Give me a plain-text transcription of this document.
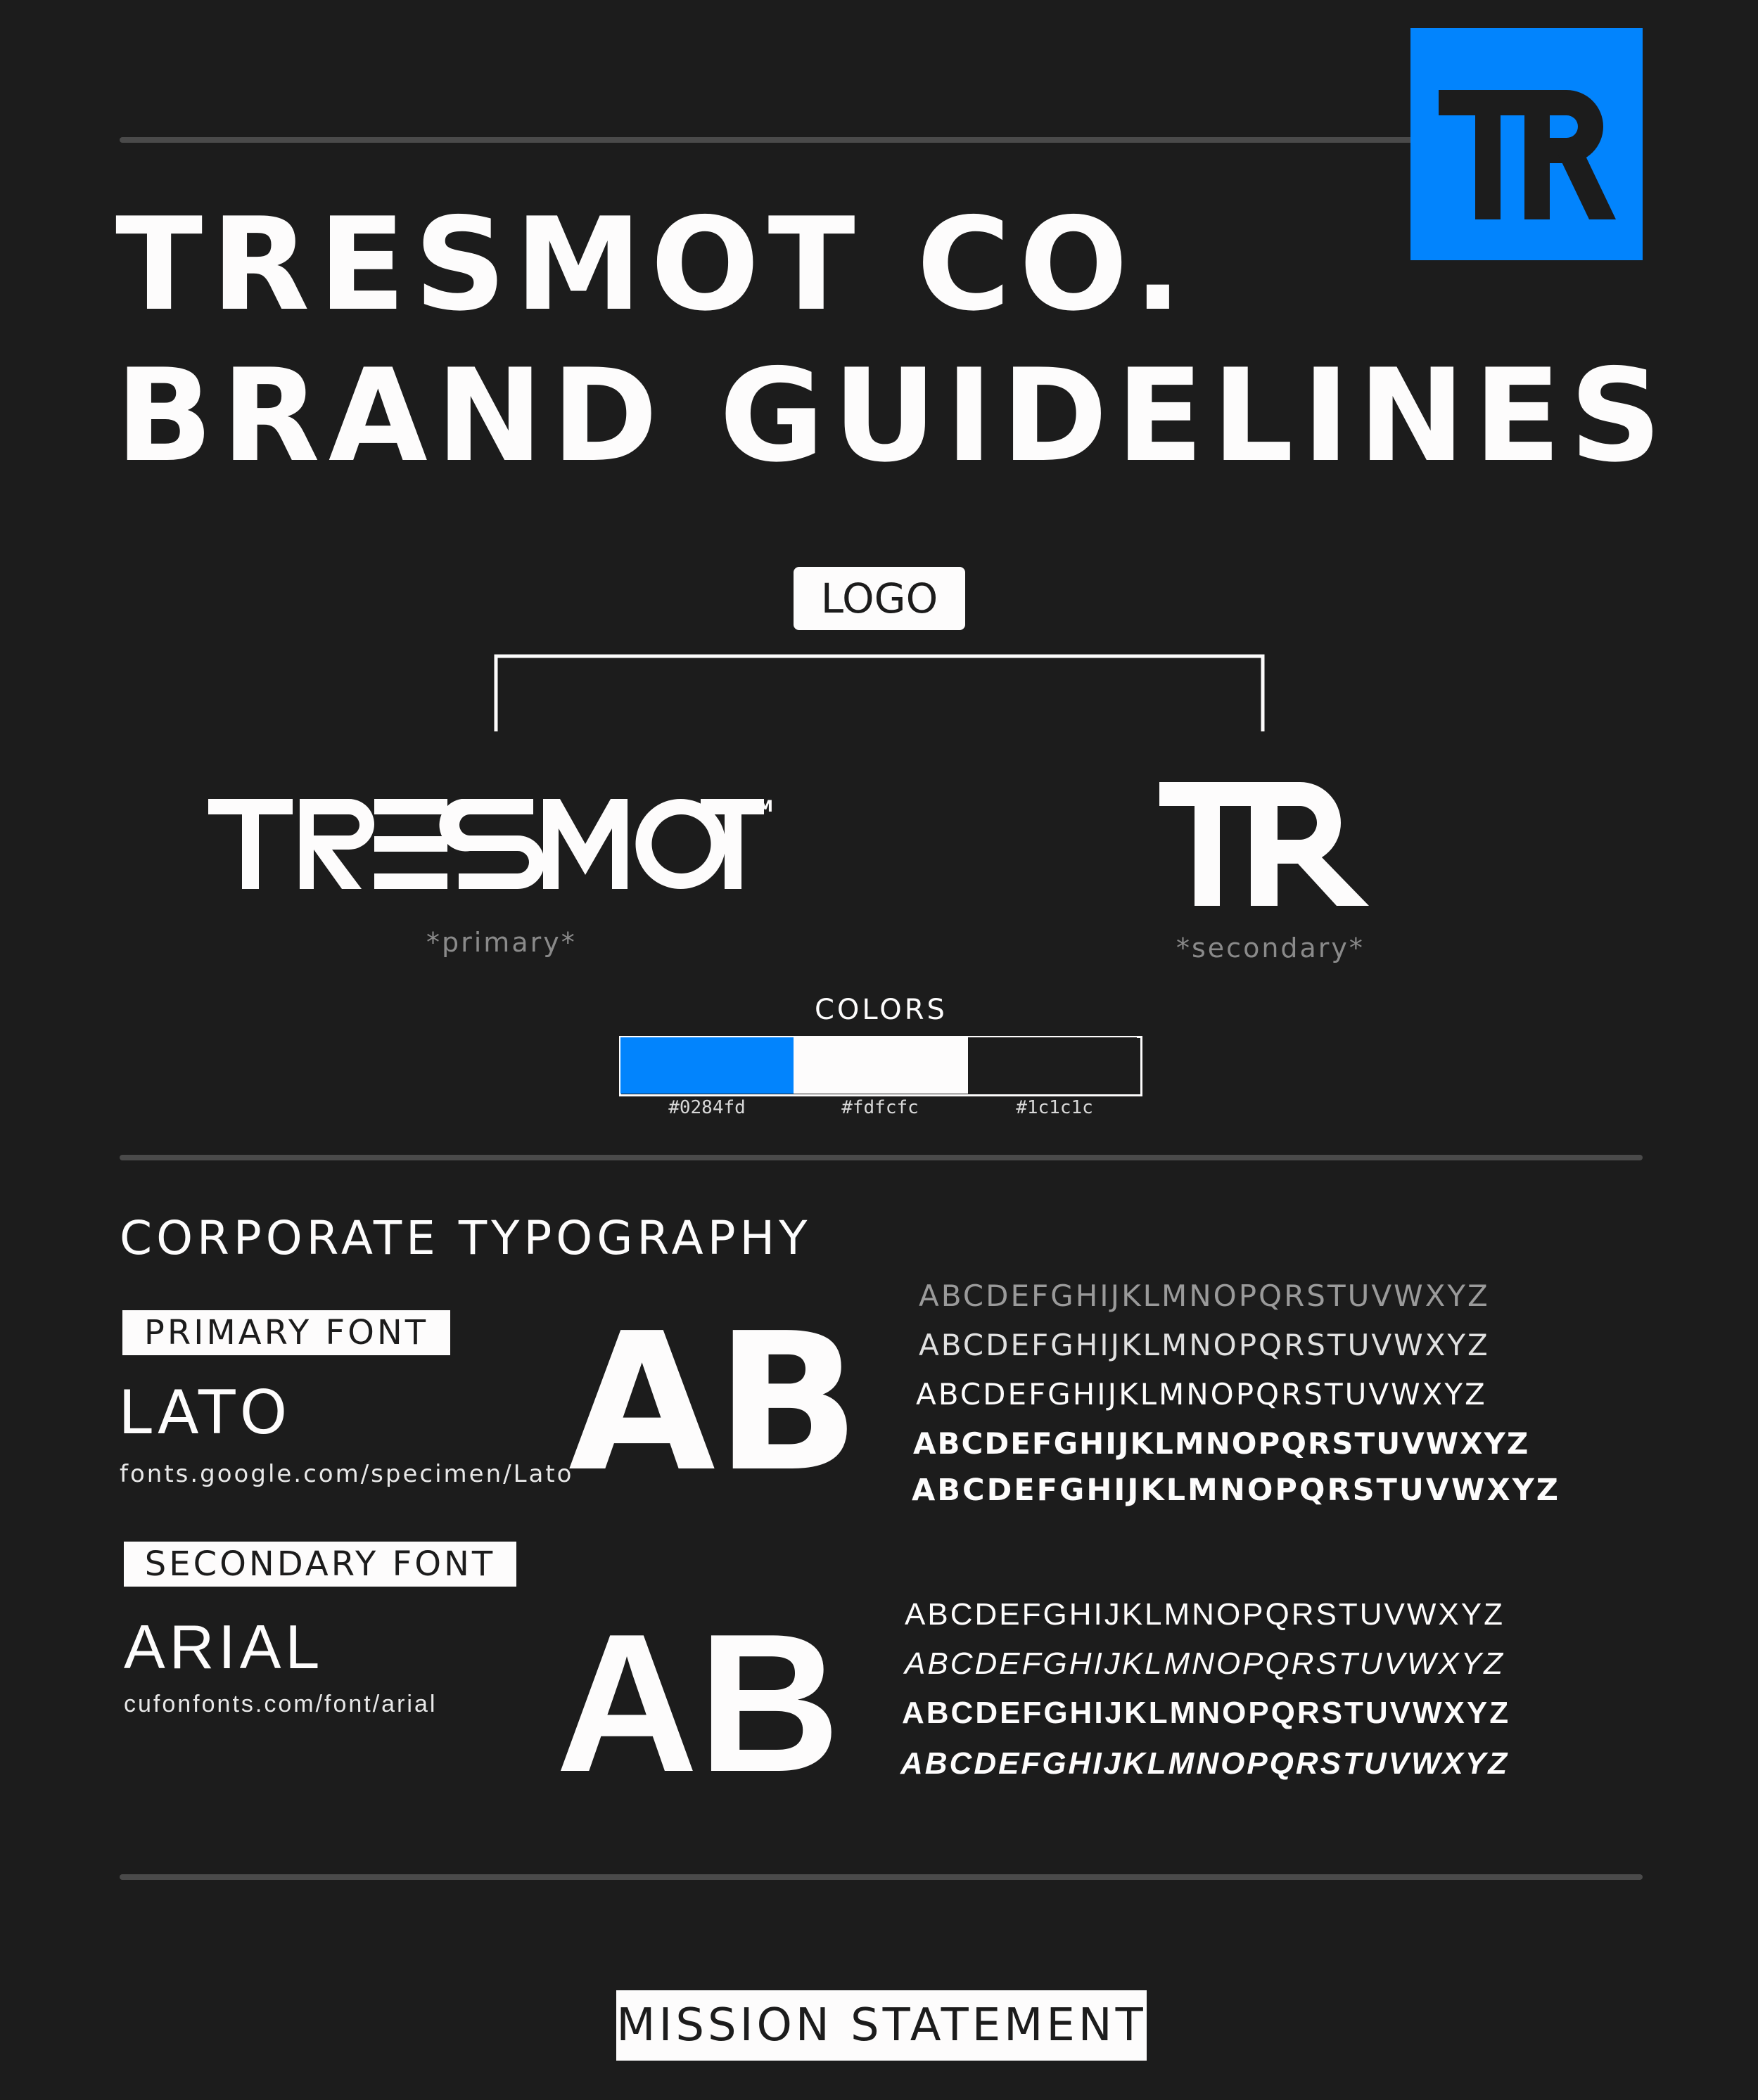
TRESMOT CO.
BRAND GUIDELINES
LOGO
TM
*primary*	*secondary*
COLORS
#0284fd	#fdfcfc	#1c1c1c
CORPORATE TYPOGRAPHY
PRIMARY FONT
LATO
fonts.google.com/specimen/Lato
AB ABCDEFGHIJKLMNOPQRSTUVWXYZ
ABCDEFGHIJKLMNOPQRSTUVWXYZ
ABCDEFGHIJKLMNOPQRSTUVWXYZ
ABCDEFGHIJKLMNOPQRSTUVWXYZ
ABCDEFGHIJKLMNOPQRSTUVWXYZ
SECONDARY FONT
ARIAL
cufonfonts.com/font/arial AB ABCDEFGHIJKLMNOPQRSTUVWXYZ
ABCDEFGHIJKLMNOPQRSTUVWXYZ
ABCDEFGHIJKLMNOPQRSTUVWXYZ
ABCDEFGHIJKLMNOPQRSTUVWXYZ
MISSION STATEMENT
